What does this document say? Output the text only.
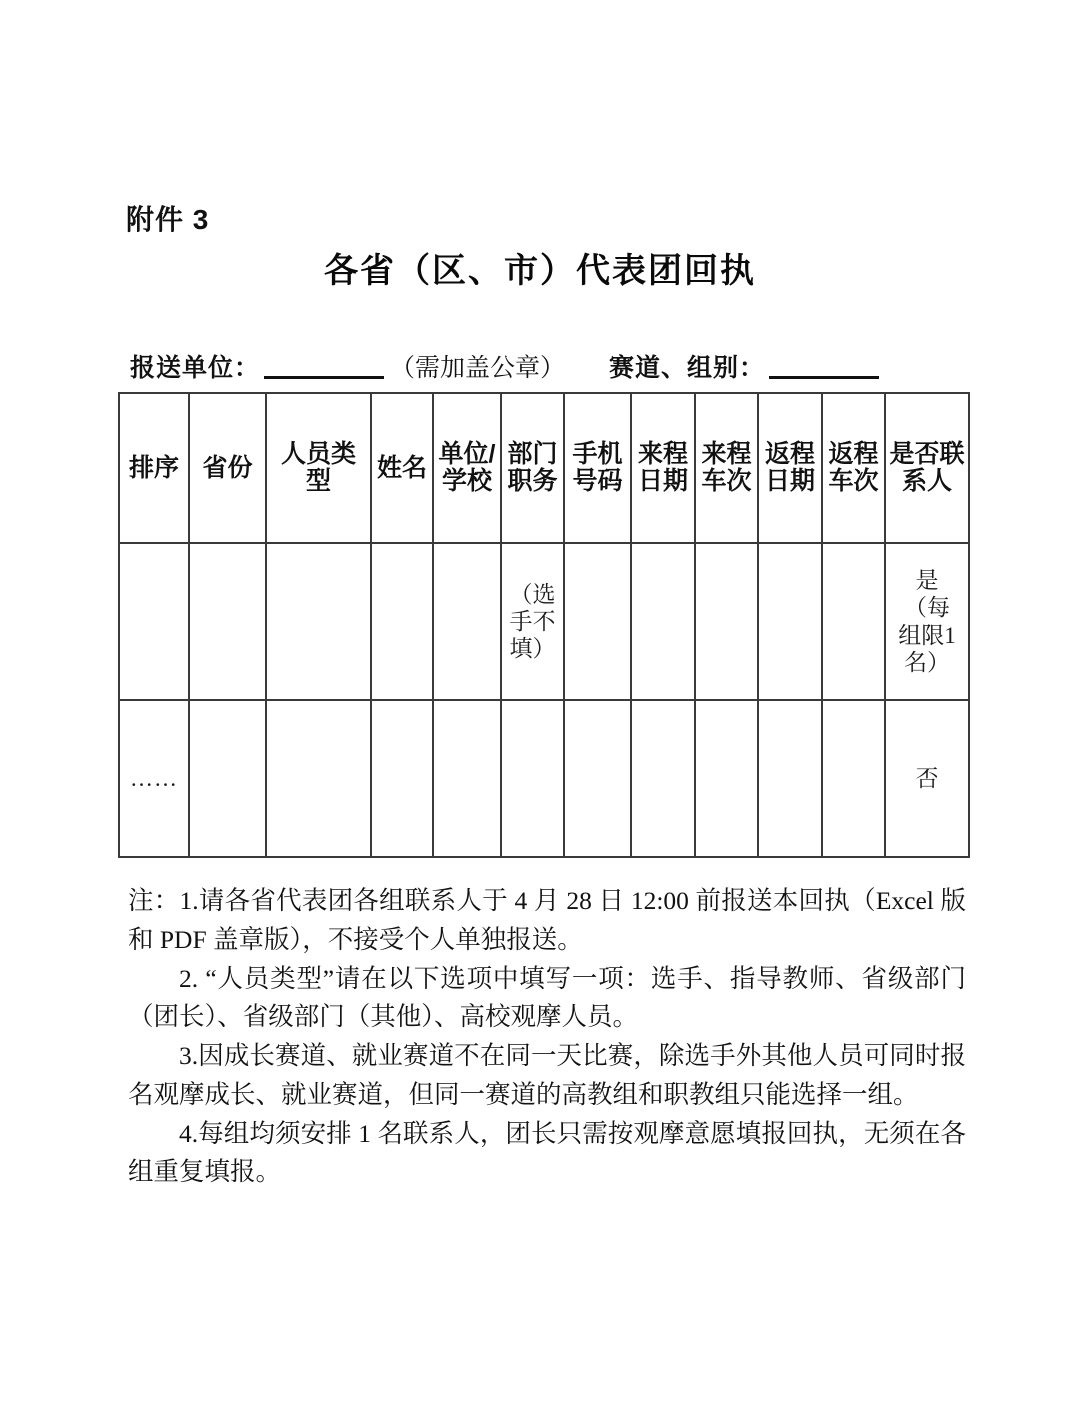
附件 3
各省（区、市）代表团回执
报送单位：	（需加盖公章） 赛道、组别：
排序	省份	人员类型	姓名	单位/学校	部门职务	手机号码	来程日期	来程车次	返程日期	返程车次	是否联系人

					（选手不填）						是（每组限1名）

……											否
注：1.请各省代表团各组联系人于 4 月 28 日 12:00 前报送本回执（Excel 版和 PDF 盖章版），不接受个人单独报送。
2. “人员类型”请在以下选项中填写一项：选手、指导教师、省级部门（团长）、省级部门（其他）、高校观摩人员。
3.因成长赛道、就业赛道不在同一天比赛，除选手外其他人员可同时报名观摩成长、就业赛道，但同一赛道的高教组和职教组只能选择一组。
4.每组均须安排 1 名联系人，团长只需按观摩意愿填报回执，无须在各组重复填报。
